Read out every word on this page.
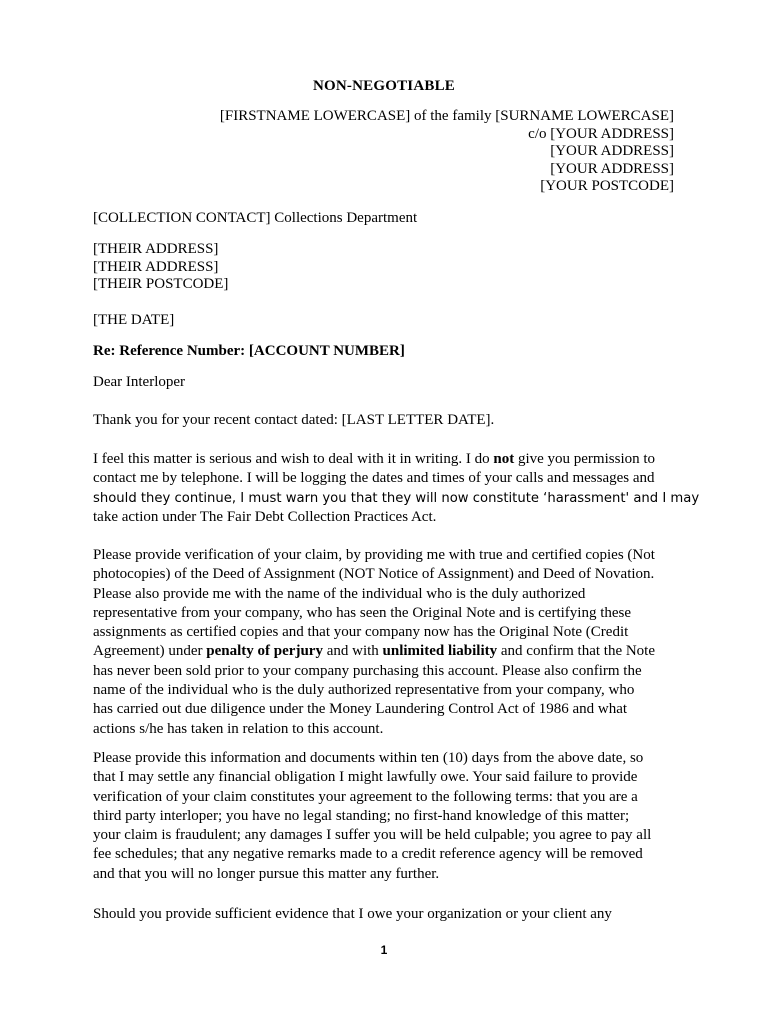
NON-NEGOTIABLE
[FIRSTNAME LOWERCASE] of the family [SURNAME LOWERCASE]
c/o [YOUR ADDRESS]
[YOUR ADDRESS]
[YOUR ADDRESS]
[YOUR POSTCODE]
[COLLECTION CONTACT] Collections Department
[THEIR ADDRESS]
[THEIR ADDRESS]
[THEIR POSTCODE]
[THE DATE]
Re: Reference Number: [ACCOUNT NUMBER]
Dear Interloper
Thank you for your recent contact dated: [LAST LETTER DATE].
I feel this matter is serious and wish to deal with it in writing. I do not give you permission to
contact me by telephone. I will be logging the dates and times of your calls and messages and
should they continue, I must warn you that they will now constitute ‘harassment' and I may
take action under The Fair Debt Collection Practices Act.
Please provide verification of your claim, by providing me with true and certified copies (Not
photocopies) of the Deed of Assignment (NOT Notice of Assignment) and Deed of Novation.
Please also provide me with the name of the individual who is the duly authorized
representative from your company, who has seen the Original Note and is certifying these
assignments as certified copies and that your company now has the Original Note (Credit
Agreement) under penalty of perjury and with unlimited liability and confirm that the Note
has never been sold prior to your company purchasing this account. Please also confirm the
name of the individual who is the duly authorized representative from your company, who
has carried out due diligence under the Money Laundering Control Act of 1986 and what
actions s/he has taken in relation to this account.
Please provide this information and documents within ten (10) days from the above date, so
that I may settle any financial obligation I might lawfully owe. Your said failure to provide
verification of your claim constitutes your agreement to the following terms: that you are a
third party interloper; you have no legal standing; no first-hand knowledge of this matter;
your claim is fraudulent; any damages I suffer you will be held culpable; you agree to pay all
fee schedules; that any negative remarks made to a credit reference agency will be removed
and that you will no longer pursue this matter any further.
Should you provide sufficient evidence that I owe your organization or your client any
1
